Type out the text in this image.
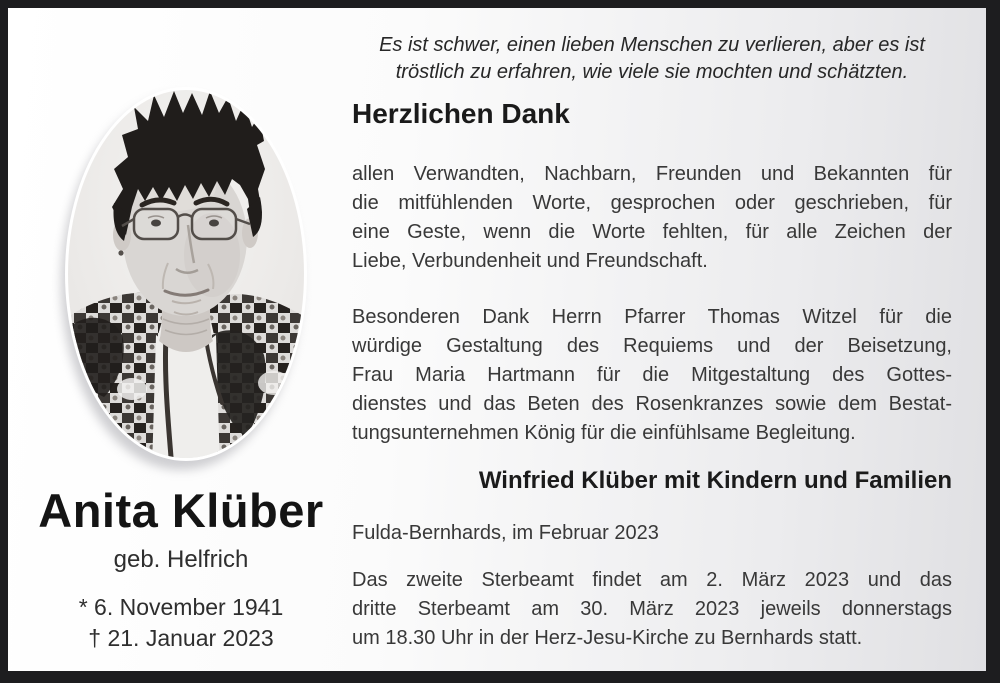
Anita Klüber
geb. Helfrich
* 6. November 1941
† 21. Januar 2023
Es ist schwer, einen lieben Menschen zu verlieren, aber es ist
tröstlich zu erfahren, wie viele sie mochten und schätzten.
Herzlichen Dank
allen Verwandten, Nachbarn, Freunden und Bekannten für
die mitfühlenden Worte, gesprochen oder geschrieben, für
eine Geste, wenn die Worte fehlten, für alle Zeichen der
Liebe, Verbundenheit und Freundschaft.
Besonderen Dank Herrn Pfarrer Thomas Witzel für die
würdige Gestaltung des Requiems und der Beisetzung,
Frau Maria Hartmann für die Mitgestaltung des Gottes-
dienstes und das Beten des Rosenkranzes sowie dem Bestat-
tungsunternehmen König für die einfühlsame Begleitung.
Winfried Klüber mit Kindern und Familien
Fulda-Bernhards, im Februar 2023
Das zweite Sterbeamt findet am 2. März 2023 und das
dritte Sterbeamt am 30. März 2023 jeweils donnerstags
um 18.30 Uhr in der Herz-Jesu-Kirche zu Bernhards statt.
